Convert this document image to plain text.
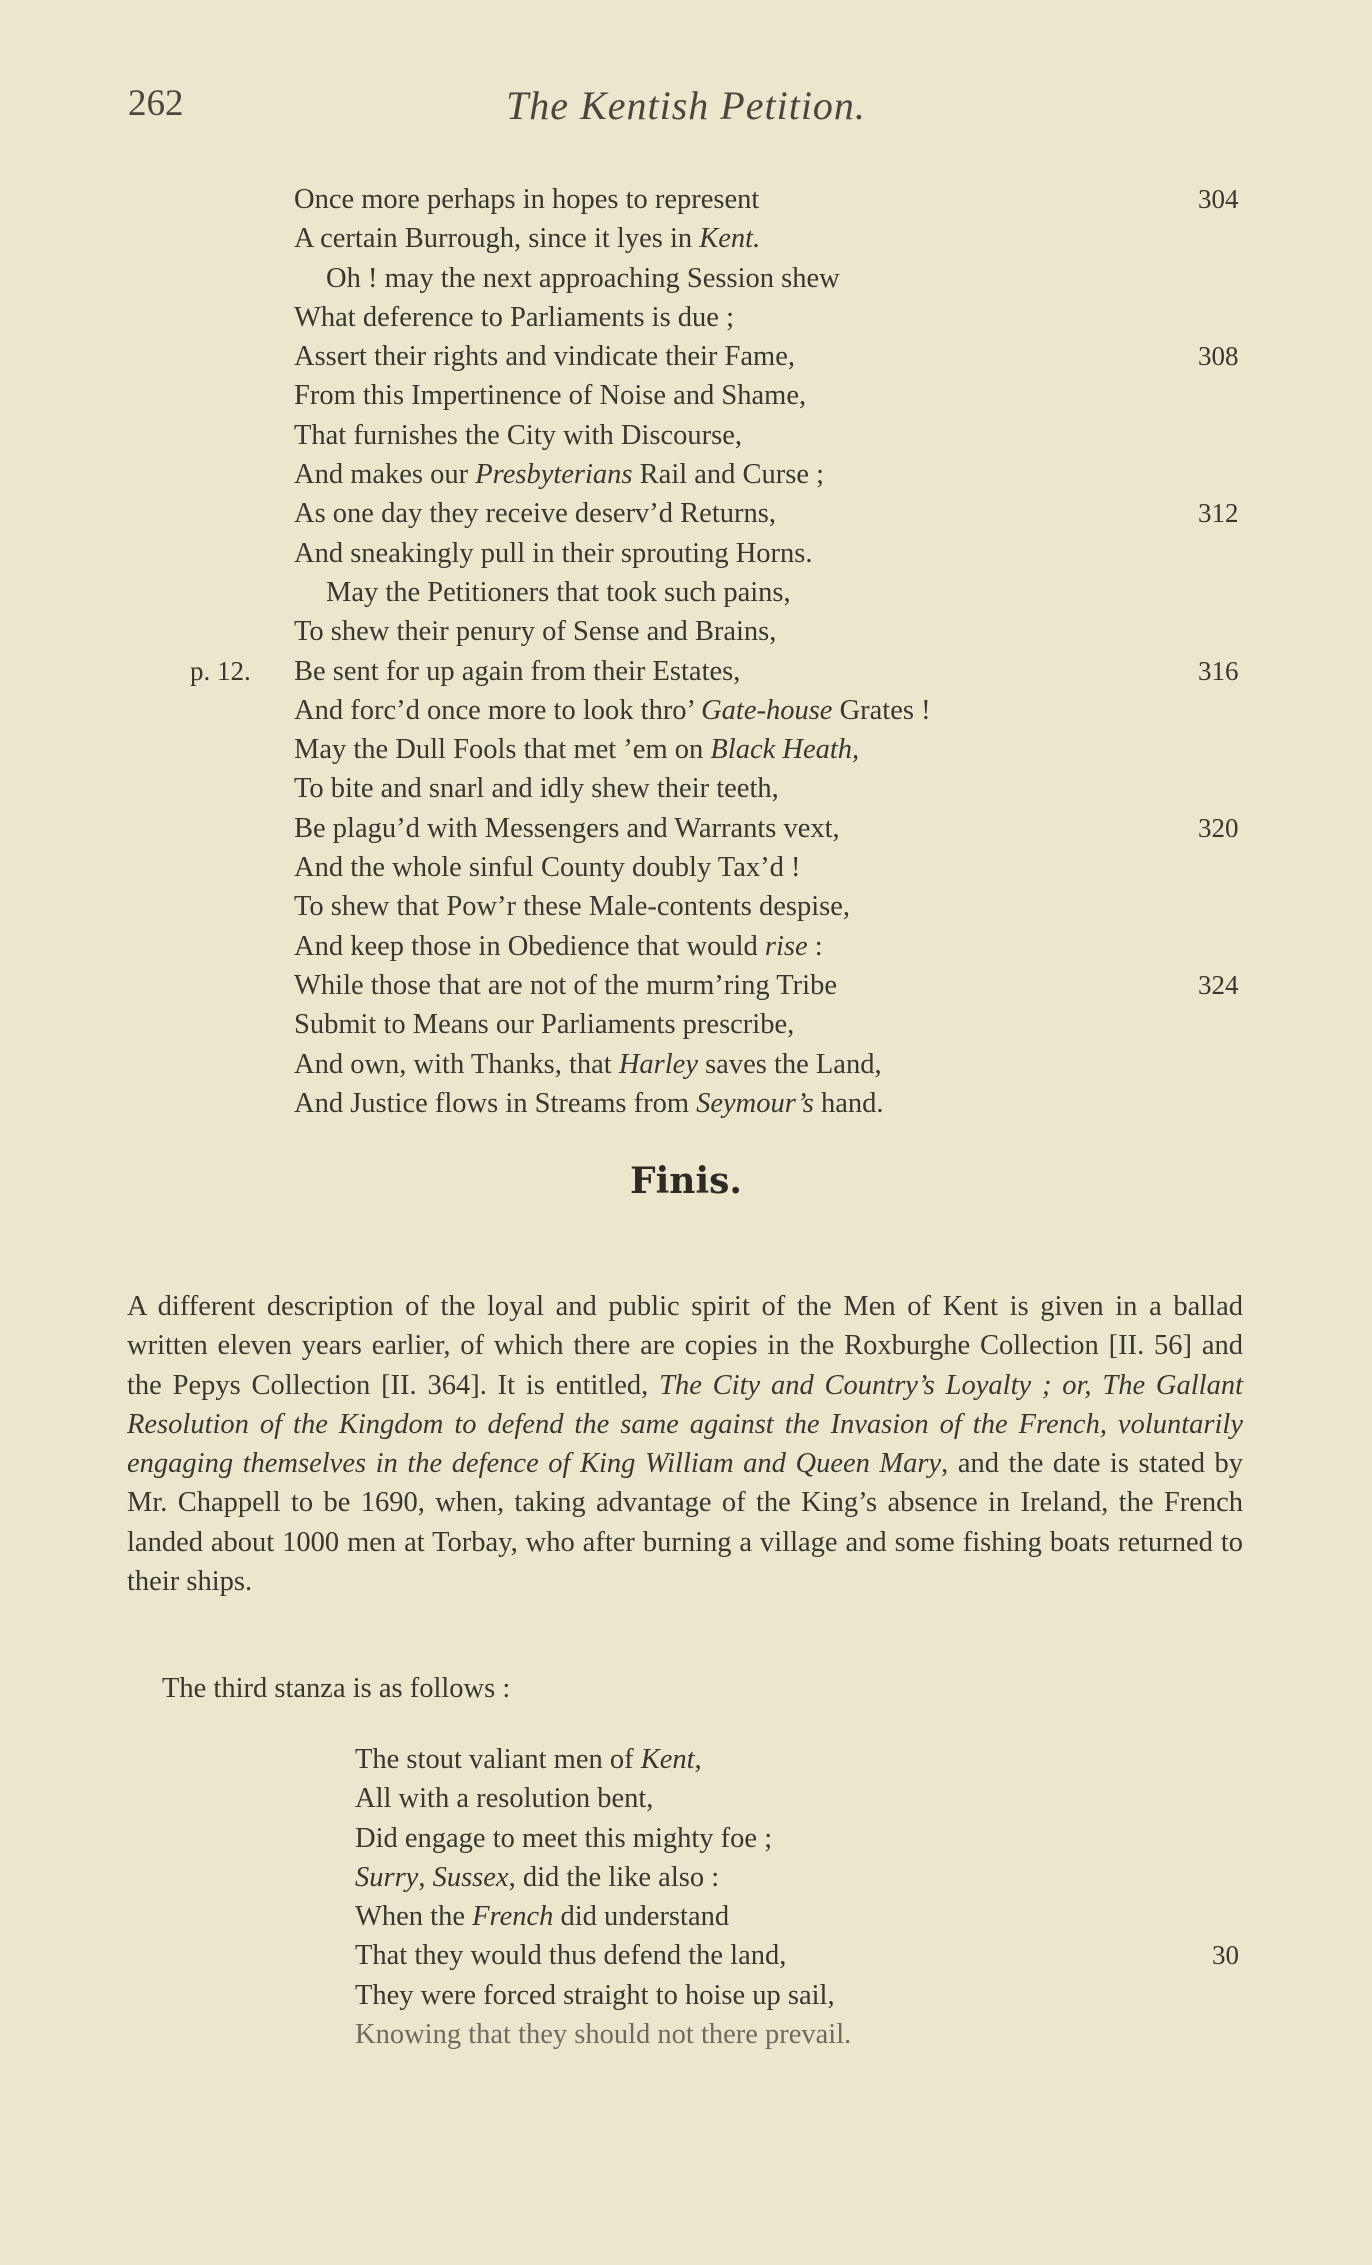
262	The Kentish Petition.
Once more perhaps in hopes to represent	304
A certain Burrough, since it lyes in Kent.
Oh ! may the next approaching Session shew
What deference to Parliaments is due ;
Assert their rights and vindicate their Fame,	308
From this Impertinence of Noise and Shame,
That furnishes the City with Discourse,
And makes our Presbyterians Rail and Curse ;
As one day they receive deserv’d Returns,	312
And sneakingly pull in their sprouting Horns.
May the Petitioners that took such pains,
To shew their penury of Sense and Brains,
p. 12. Be sent for up again from their Estates,	316
And forc’d once more to look thro’ Gate-house Grates !
May the Dull Fools that met ’em on Black Heath,
To bite and snarl and idly shew their teeth,
Be plagu’d with Messengers and Warrants vext,	320
And the whole sinful County doubly Tax’d !
To shew that Pow’r these Male-contents despise,
And keep those in Obedience that would rise :
While those that are not of the murm’ring Tribe	324
Submit to Means our Parliaments prescribe,
And own, with Thanks, that Harley saves the Land,
And Justice flows in Streams from Seymour’s hand.
Finis.

A different description of the loyal and public spirit of the Men of Kent is given in a ballad written eleven years earlier, of which there are copies in the Roxburghe Collection [II. 56] and the Pepys Collection [II. 364]. It is entitled, The City and Country’s Loyalty ; or, The Gallant Resolution of the Kingdom to defend the same against the Invasion of the French, voluntarily engaging themselves in the defence of King William and Queen Mary, and the date is stated by Mr. Chappell to be 1690, when, taking advantage of the King’s absence in Ireland, the French landed about 1000 men at Torbay, who after burning a village and some fishing boats returned to their ships.

The third stanza is as follows :
The stout valiant men of Kent,
All with a resolution bent,
Did engage to meet this mighty foe ;
Surry, Sussex, did the like also :
When the French did understand
That they would thus defend the land,	30
They were forced straight to hoise up sail,
Knowing that they should not there prevail.
